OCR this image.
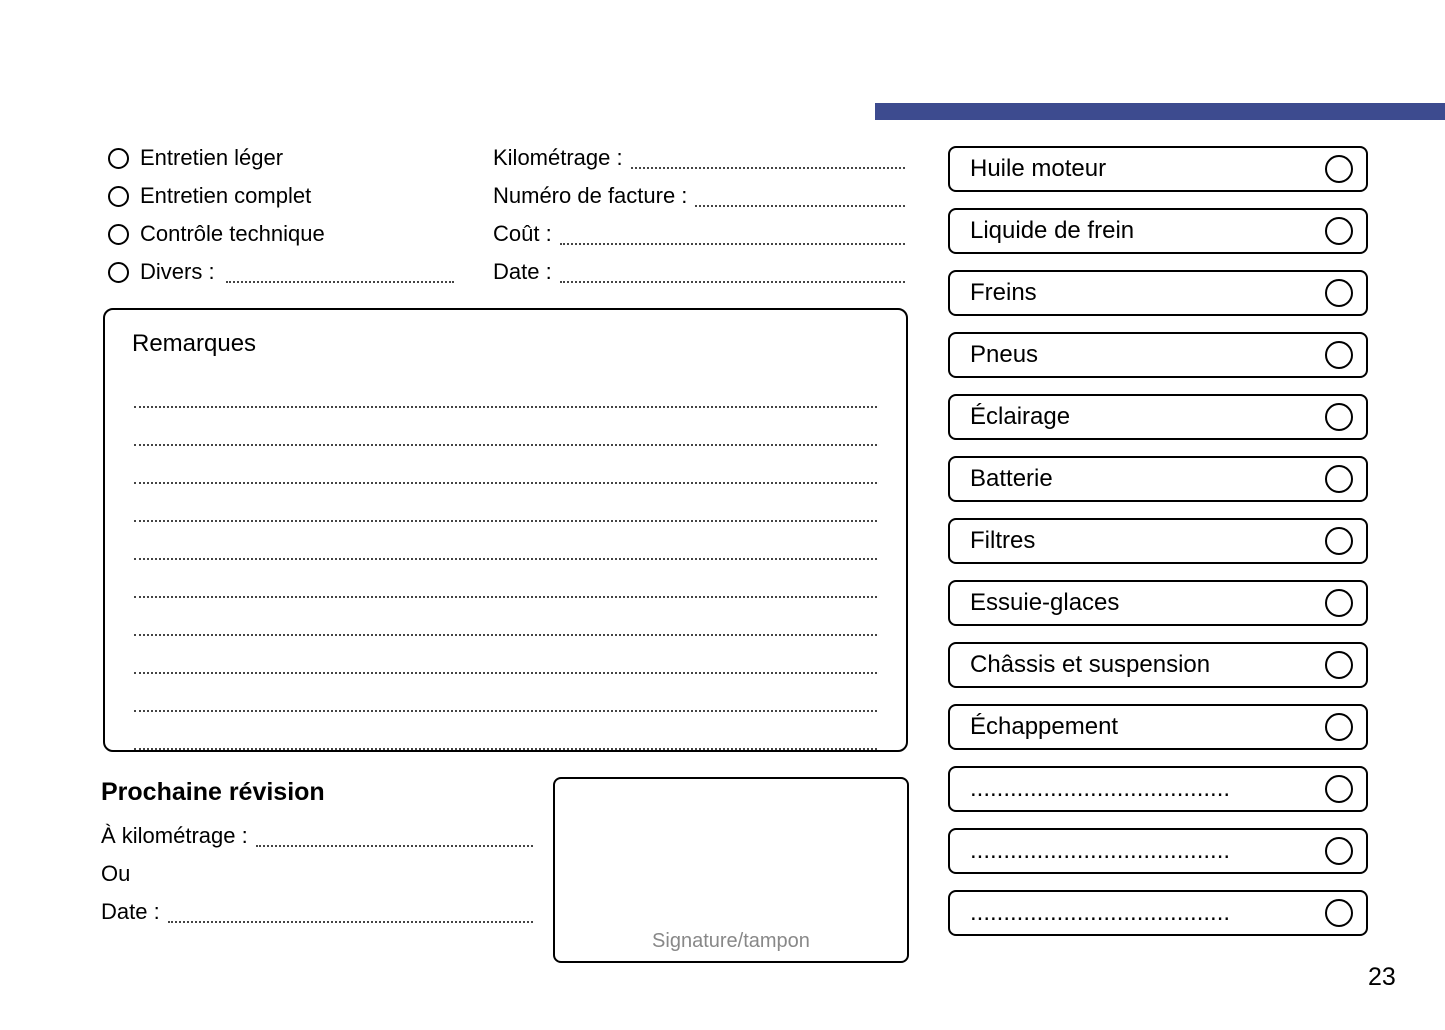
Entretien léger
Entretien complet
Contrôle technique
Divers :
Kilométrage :
Numéro de facture :
Coût :
Date :
Remarques
Prochaine révision
À kilométrage :
Ou
Date :
Signature/tampon
Huile moteur
Liquide de frein
Freins
Pneus
Éclairage
Batterie
Filtres
Essuie-glaces
Châssis et suspension
Échappement
.......................................
.......................................
.......................................
23
